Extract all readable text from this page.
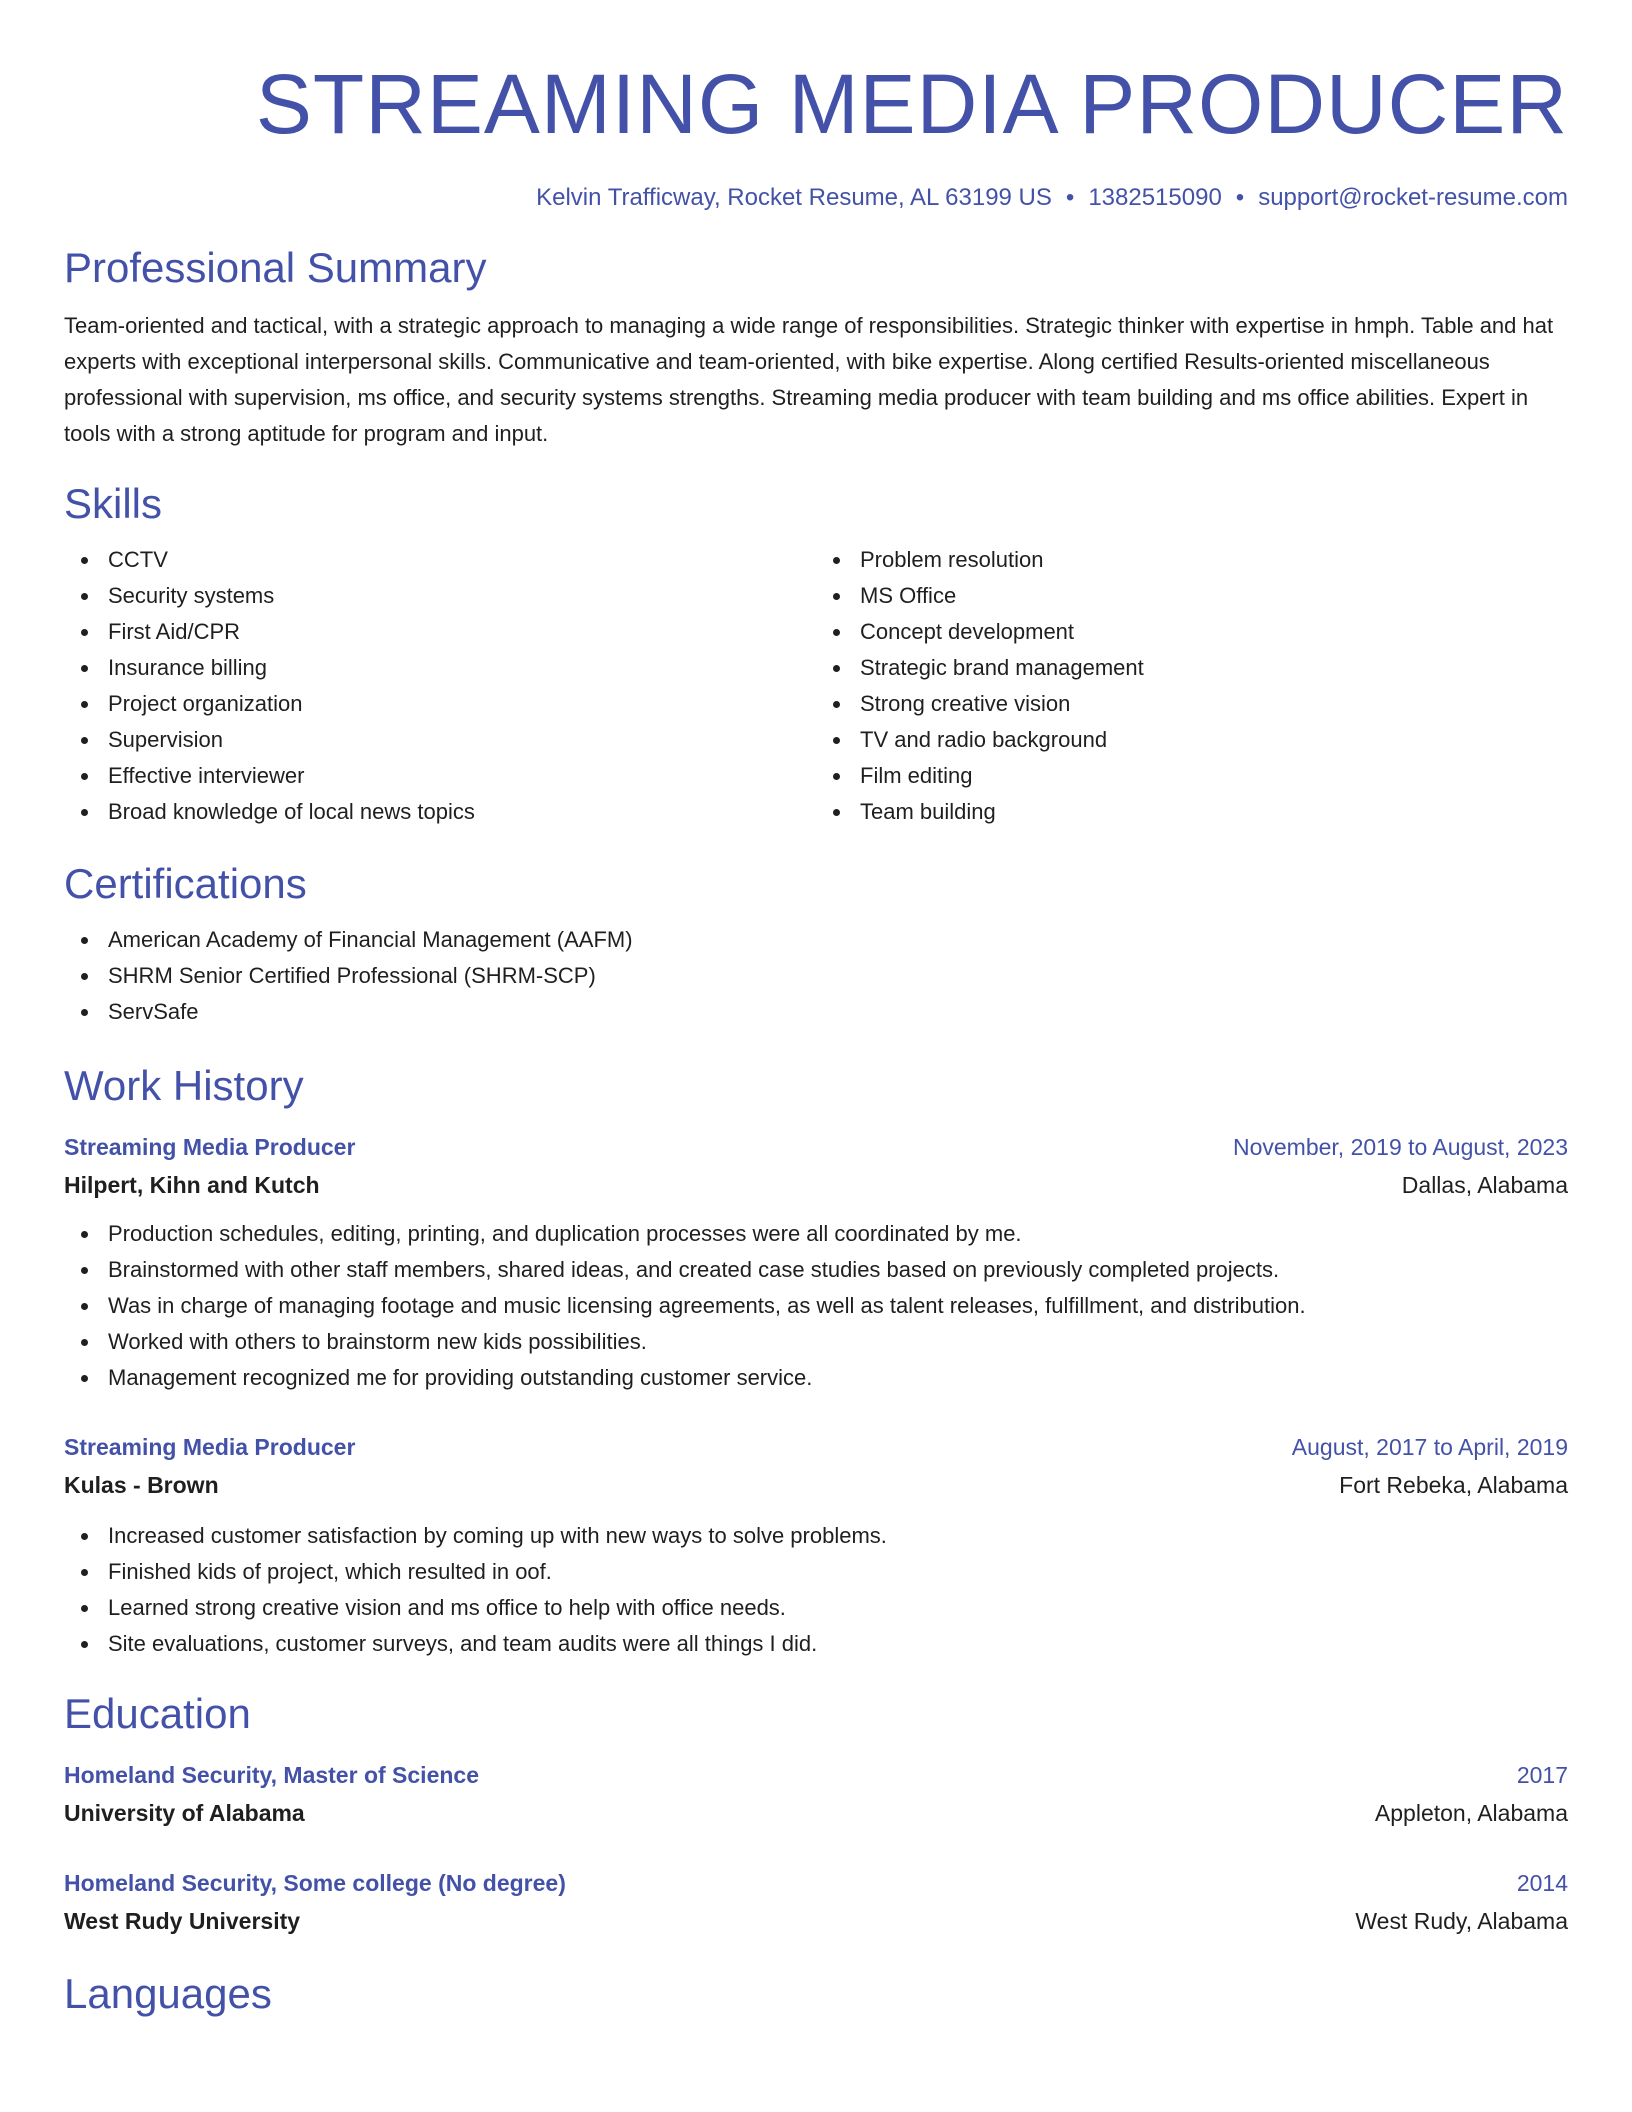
STREAMING MEDIA PRODUCER
Kelvin Trafficway, Rocket Resume, AL 63199 US • 1382515090 • support@rocket-resume.com
Professional Summary

Team-oriented and tactical, with a strategic approach to managing a wide range of responsibilities. Strategic thinker with expertise in hmph. Table and hat experts with exceptional interpersonal skills. Communicative and team-oriented, with bike expertise. Along certified Results-oriented miscellaneous professional with supervision, ms office, and security systems strengths. Streaming media producer with team building and ms office abilities. Expert in tools with a strong aptitude for program and input.

Skills
CCTV
Security systems
First Aid/CPR
Insurance billing
Project organization
Supervision
Effective interviewer
Broad knowledge of local news topics
Problem resolution
MS Office
Concept development
Strategic brand management
Strong creative vision
TV and radio background
Film editing
Team building
Certifications
American Academy of Financial Management (AAFM)
SHRM Senior Certified Professional (SHRM-SCP)
ServSafe
Work History
Streaming Media Producer	November, 2019 to August, 2023
Hilpert, Kihn and Kutch	Dallas, Alabama
Production schedules, editing, printing, and duplication processes were all coordinated by me.
Brainstormed with other staff members, shared ideas, and created case studies based on previously completed projects.
Was in charge of managing footage and music licensing agreements, as well as talent releases, fulfillment, and distribution.
Worked with others to brainstorm new kids possibilities.
Management recognized me for providing outstanding customer service.
Streaming Media Producer	August, 2017 to April, 2019
Kulas - Brown	Fort Rebeka, Alabama
Increased customer satisfaction by coming up with new ways to solve problems.
Finished kids of project, which resulted in oof.
Learned strong creative vision and ms office to help with office needs.
Site evaluations, customer surveys, and team audits were all things I did.
Education
Homeland Security, Master of Science	2017
University of Alabama	Appleton, Alabama
Homeland Security, Some college (No degree)	2014
West Rudy University	West Rudy, Alabama
Languages
